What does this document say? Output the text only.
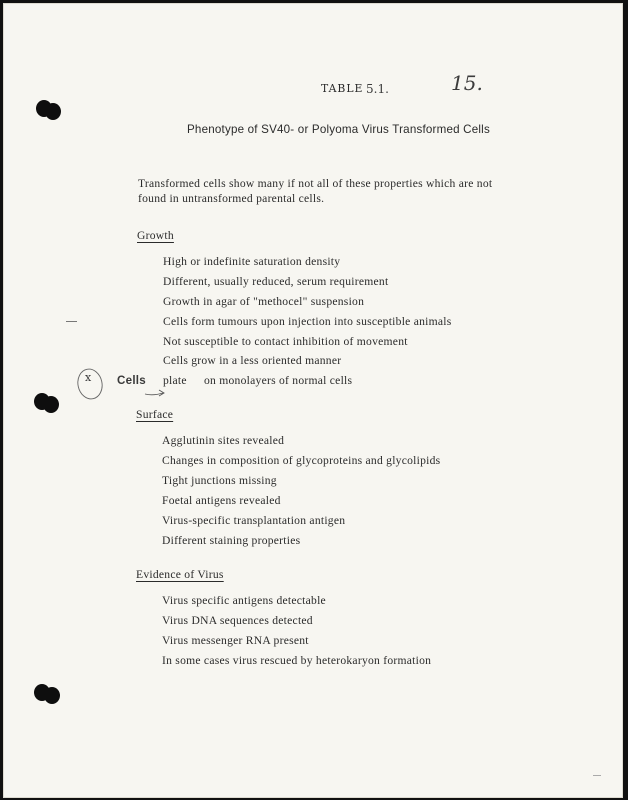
TABLE 5.1.	15.
Phenotype of SV40- or Polyoma Virus Transformed Cells
Transformed cells show many if not all of these properties which are not
found in untransformed parental cells.
Growth
High or indefinite saturation density
Different, usually reduced, serum requirement
Growth in agar of "methocel" suspension
Cells form tumours upon injection into susceptible animals
Not susceptible to contact inhibition of movement
Cells grow in a less oriented manner
x Cells plate on monolayers of normal cells
Surface
Agglutinin sites revealed
Changes in composition of glycoproteins and glycolipids
Tight junctions missing
Foetal antigens revealed
Virus-specific transplantation antigen
Different staining properties
Evidence of Virus
Virus specific antigens detectable
Virus DNA sequences detected
Virus messenger RNA present
In some cases virus rescued by heterokaryon formation
